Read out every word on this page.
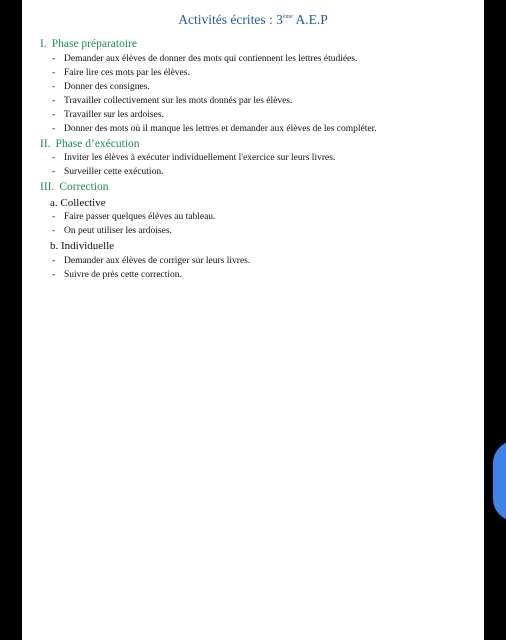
Activités écrites : 3ème A.E.P
I. Phase préparatoire
- Demander aux élèves de donner des mots qui contiennent les lettres étudiées.
- Faire lire ces mots par les élèves.
- Donner des consignes.
- Travailler collectivement sur les mots donnés par les élèves.
- Travailler sur les ardoises.
- Donner des mots où il manque les lettres et demander aux élèves de les compléter.
II. Phase d’exécution
- Inviter les élèves à exécuter individuellement l'exercice sur leurs livres.
- Surveiller cette exécution.
III. Correction
a. Collective
- Faire passer quelques élèves au tableau.
- On peut utiliser les ardoises.
b. Individuelle
- Demander aux élèves de corriger sur leurs livres.
- Suivre de près cette correction.
